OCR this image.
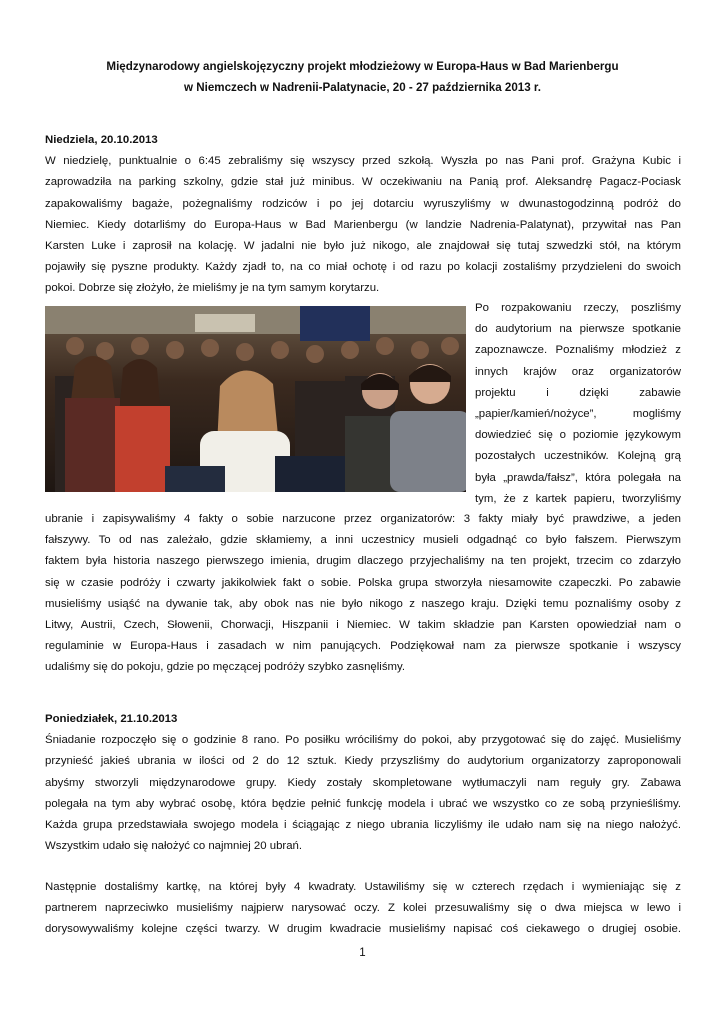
Międzynarodowy angielskojęzyczny projekt młodzieżowy w Europa-Haus w Bad Marienbergu
w Niemczech w Nadrenii-Palatynacie, 20 - 27 października 2013 r.
Niedziela, 20.10.2013
W niedzielę, punktualnie o 6:45 zebraliśmy się wszyscy przed szkołą. Wyszła po nas Pani prof. Grażyna Kubic i
zaprowadziła na parking szkolny, gdzie stał już minibus. W oczekiwaniu na Panią prof. Aleksandrę Pagacz-Pociask
zapakowaliśmy bagaże, pożegnaliśmy rodziców i po jej dotarciu wyruszyliśmy w dwunastogodzinną podróż do
Niemiec. Kiedy dotarliśmy do Europa-Haus w Bad Marienbergu (w landzie Nadrenia-Palatynat), przywitał nas Pan
Karsten Luke i zaprosił na kolację. W jadalni nie było już nikogo, ale znajdował się tutaj szwedzki stół, na którym
pojawiły się pyszne produkty. Każdy zjadł to, na co miał ochotę i od razu po kolacji zostaliśmy przydzieleni do swoich
pokoi. Dobrze się złożyło, że mieliśmy je na tym samym korytarzu.
Po rozpakowaniu rzeczy, poszliśmy
do audytorium na pierwsze spotkanie
zapoznawcze. Poznaliśmy młodzież z
innych krajów oraz organizatorów
projektu i dzięki zabawie
„papier/kamień/nożyce”, mogliśmy
dowiedzieć się o poziomie językowym
pozostałych uczestników. Kolejną grą
była „prawda/fałsz”, która polegała na
tym, że z kartek papieru, tworzyliśmy
ubranie i zapisywaliśmy 4 fakty o sobie narzucone przez organizatorów: 3 fakty miały być prawdziwe, a jeden
fałszywy. To od nas zależało, gdzie skłamiemy, a inni uczestnicy musieli odgadnąć co było fałszem. Pierwszym
faktem była historia naszego pierwszego imienia, drugim dlaczego przyjechaliśmy na ten projekt, trzecim co zdarzyło
się w czasie podróży i czwarty jakikolwiek fakt o sobie. Polska grupa stworzyła niesamowite czapeczki. Po zabawie
musieliśmy usiąść na dywanie tak, aby obok nas nie było nikogo z naszego kraju. Dzięki temu poznaliśmy osoby z
Litwy, Austrii, Czech, Słowenii, Chorwacji, Hiszpanii i Niemiec. W takim składzie pan Karsten opowiedział nam o
regulaminie w Europa-Haus i zasadach w nim panujących. Podziękował nam za pierwsze spotkanie i wszyscy
udaliśmy się do pokoju, gdzie po męczącej podróży szybko zasnęliśmy.
Poniedziałek, 21.10.2013
Śniadanie rozpoczęło się o godzinie 8 rano. Po posiłku wróciliśmy do pokoi, aby przygotować się do zajęć. Musieliśmy
przynieść jakieś ubrania w ilości od 2 do 12 sztuk. Kiedy przyszliśmy do audytorium organizatorzy zaproponowali
abyśmy stworzyli międzynarodowe grupy. Kiedy zostały skompletowane wytłumaczyli nam reguły gry. Zabawa
polegała na tym aby wybrać osobę, która będzie pełnić funkcję modela i ubrać we wszystko co ze sobą przynieśliśmy.
Każda grupa przedstawiała swojego modela i ściągając z niego ubrania liczyliśmy ile udało nam się na niego nałożyć.
Wszystkim udało się nałożyć co najmniej 20 ubrań.
Następnie dostaliśmy kartkę, na której były 4 kwadraty. Ustawiliśmy się w czterech rzędach i wymieniając się z
partnerem naprzeciwko musieliśmy najpierw narysować oczy. Z kolei przesuwaliśmy się o dwa miejsca w lewo i
dorysowywaliśmy kolejne części twarzy. W drugim kwadracie musieliśmy napisać coś ciekawego o drugiej osobie.
1
